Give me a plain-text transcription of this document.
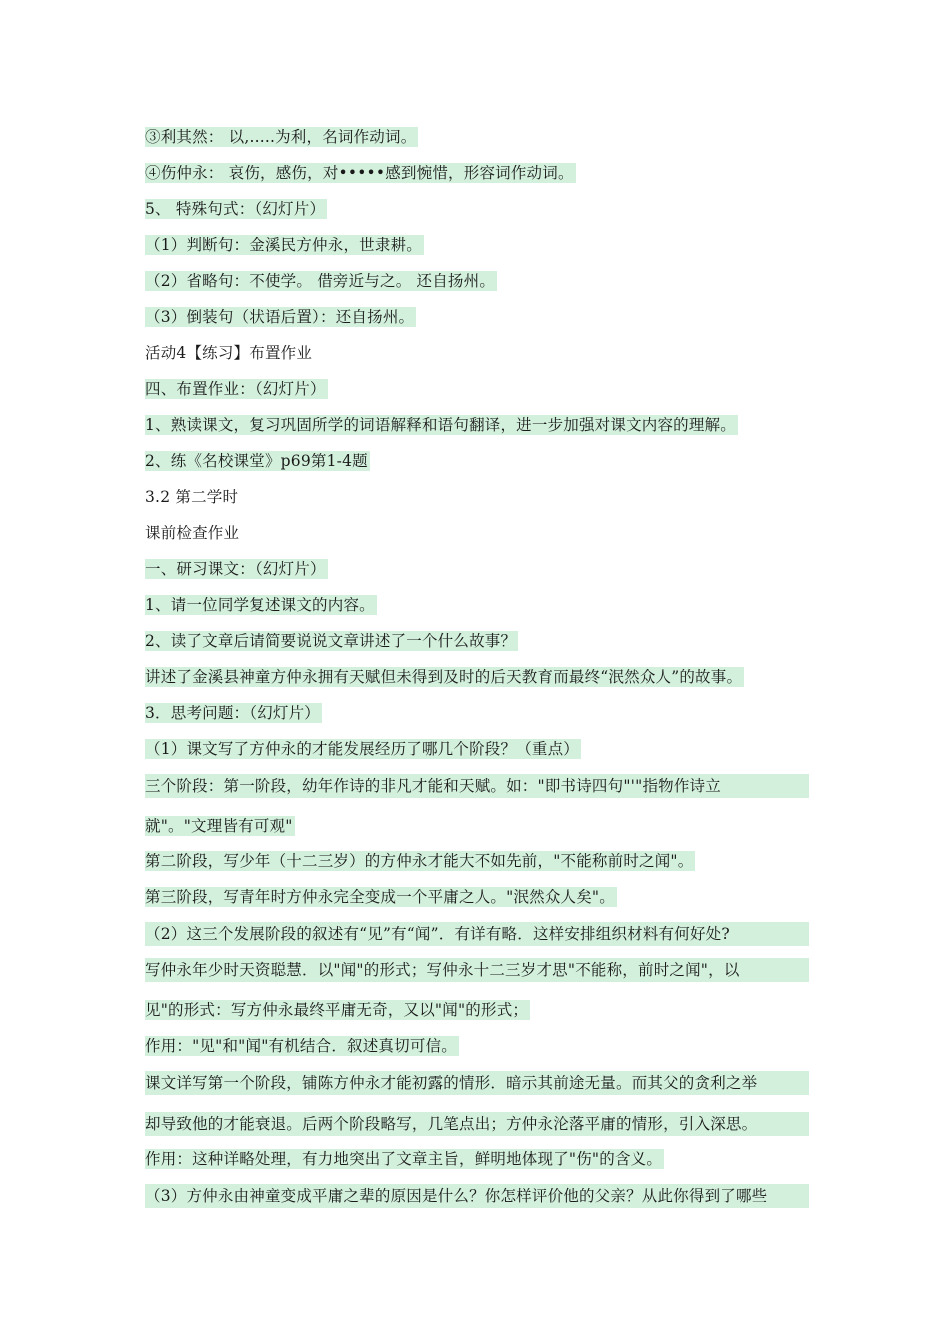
③利其然： 以,.....为利，名词作动词。
④伤仲永： 哀伤，感伤，对•••••感到惋惜，形容词作动词。
5、 特殊句式：（幻灯片）
（1）判断句：金溪民方仲永，世隶耕。
（2）省略句：不使学。 借旁近与之。 还自扬州。
（3）倒装句（状语后置）：还自扬州。
活动4【练习】布置作业
四、布置作业：（幻灯片）
1、熟读课文，复习巩固所学的词语解释和语句翻译，进一步加强对课文内容的理解。
2、练《名校课堂》p69第1-4题
3.2 第二学时
课前检查作业
一、研习课文：（幻灯片）
1、请一位同学复述课文的内容。
2、读了文章后请简要说说文章讲述了一个什么故事？
讲述了金溪县神童方仲永拥有天赋但未得到及时的后天教育而最终“泯然众人”的故事。
3．思考问题：（幻灯片）
（1）课文写了方仲永的才能发展经历了哪几个阶段？（重点）
三个阶段：第一阶段，幼年作诗的非凡才能和天赋。如："即书诗四句"'"指物作诗立
就"。"文理皆有可观"
第二阶段，写少年（十二三岁）的方仲永才能大不如先前，"不能称前时之闻"。
第三阶段，写青年时方仲永完全变成一个平庸之人。"泯然众人矣"。
（2）这三个发展阶段的叙述有“见”有“闻”．有详有略．这样安排组织材料有何好处?
写仲永年少时天资聪慧．以"闻"的形式；写仲永十二三岁才思"不能称，前时之闻"，以
见"的形式：写方仲永最终平庸无奇，又以"闻"的形式；
作用："见"和"闻"有机结合．叙述真切可信。
课文详写第一个阶段，铺陈方仲永才能初露的情形．暗示其前途无量。而其父的贪利之举
却导致他的才能衰退。后两个阶段略写，几笔点出；方仲永沦落平庸的情形，引入深思。
作用：这种详略处理，有力地突出了文章主旨，鲜明地体现了"伤"的含义。
（3）方仲永由神童变成平庸之辈的原因是什么？你怎样评价他的父亲？从此你得到了哪些
